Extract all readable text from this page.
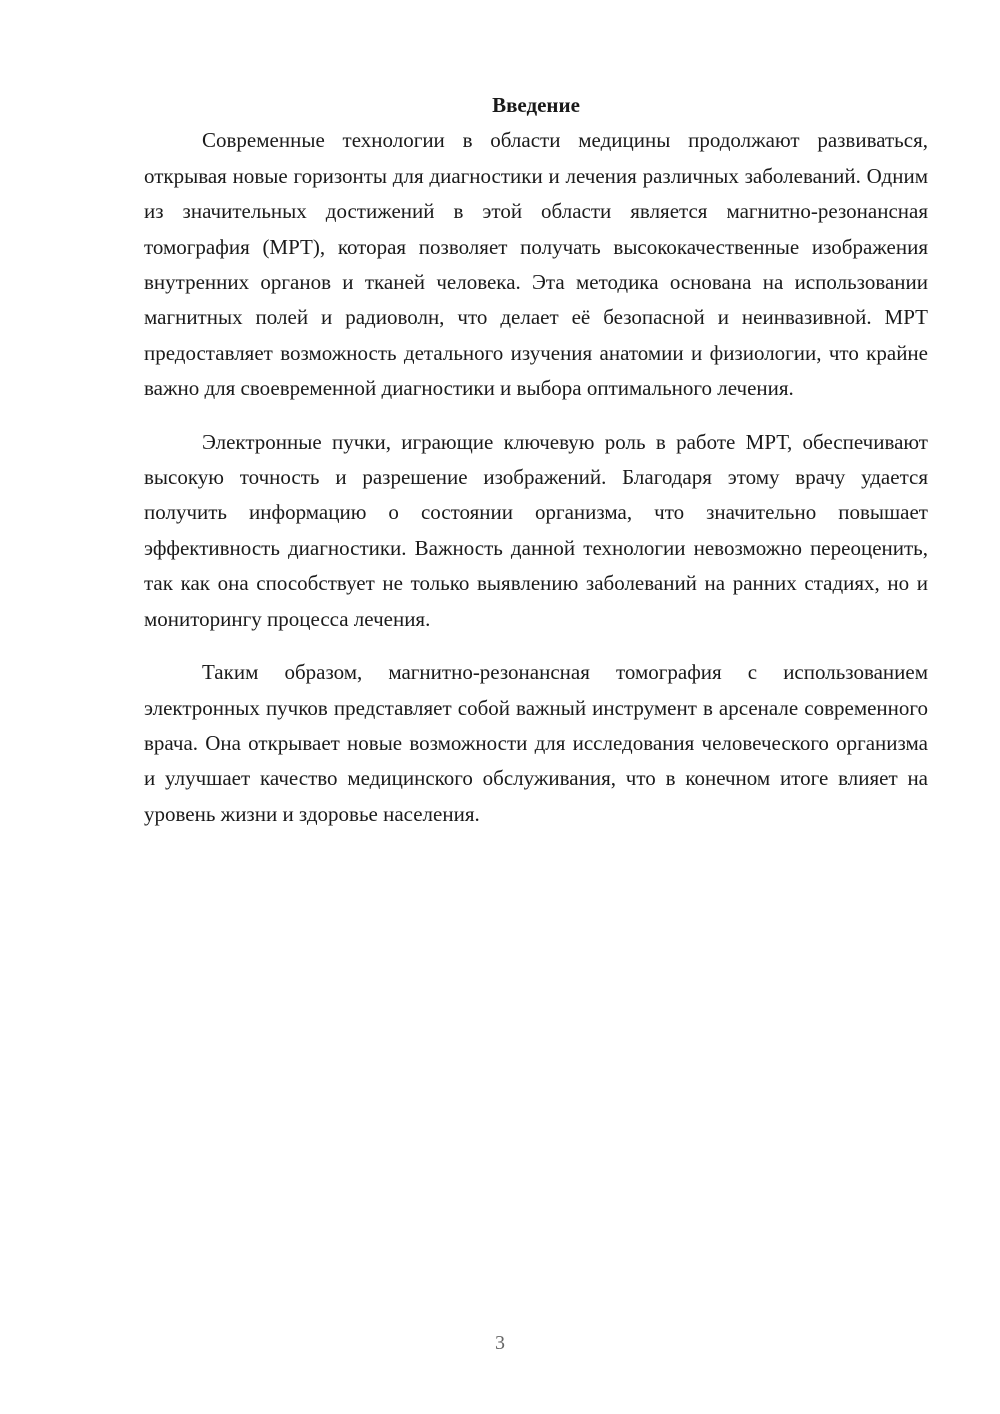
Введение

Современные технологии в области медицины продолжают развиваться, открывая новые горизонты для диагностики и лечения различных заболеваний. Одним из значительных достижений в этой области является магнитно-резонансная томография (МРТ), которая позволяет получать высококачественные изображения внутренних органов и тканей человека. Эта методика основана на использовании магнитных полей и радиоволн, что делает её безопасной и неинвазивной. МРТ предоставляет возможность детального изучения анатомии и физиологии, что крайне важно для своевременной диагностики и выбора оптимального лечения.

Электронные пучки, играющие ключевую роль в работе МРТ, обеспечивают высокую точность и разрешение изображений. Благодаря этому врачу удается получить информацию о состоянии организма, что значительно повышает эффективность диагностики. Важность данной технологии невозможно переоценить, так как она способствует не только выявлению заболеваний на ранних стадиях, но и мониторингу процесса лечения.

Таким образом, магнитно-резонансная томография с использованием электронных пучков представляет собой важный инструмент в арсенале современного врача. Она открывает новые возможности для исследования человеческого организма и улучшает качество медицинского обслуживания, что в конечном итоге влияет на уровень жизни и здоровье населения.

3
